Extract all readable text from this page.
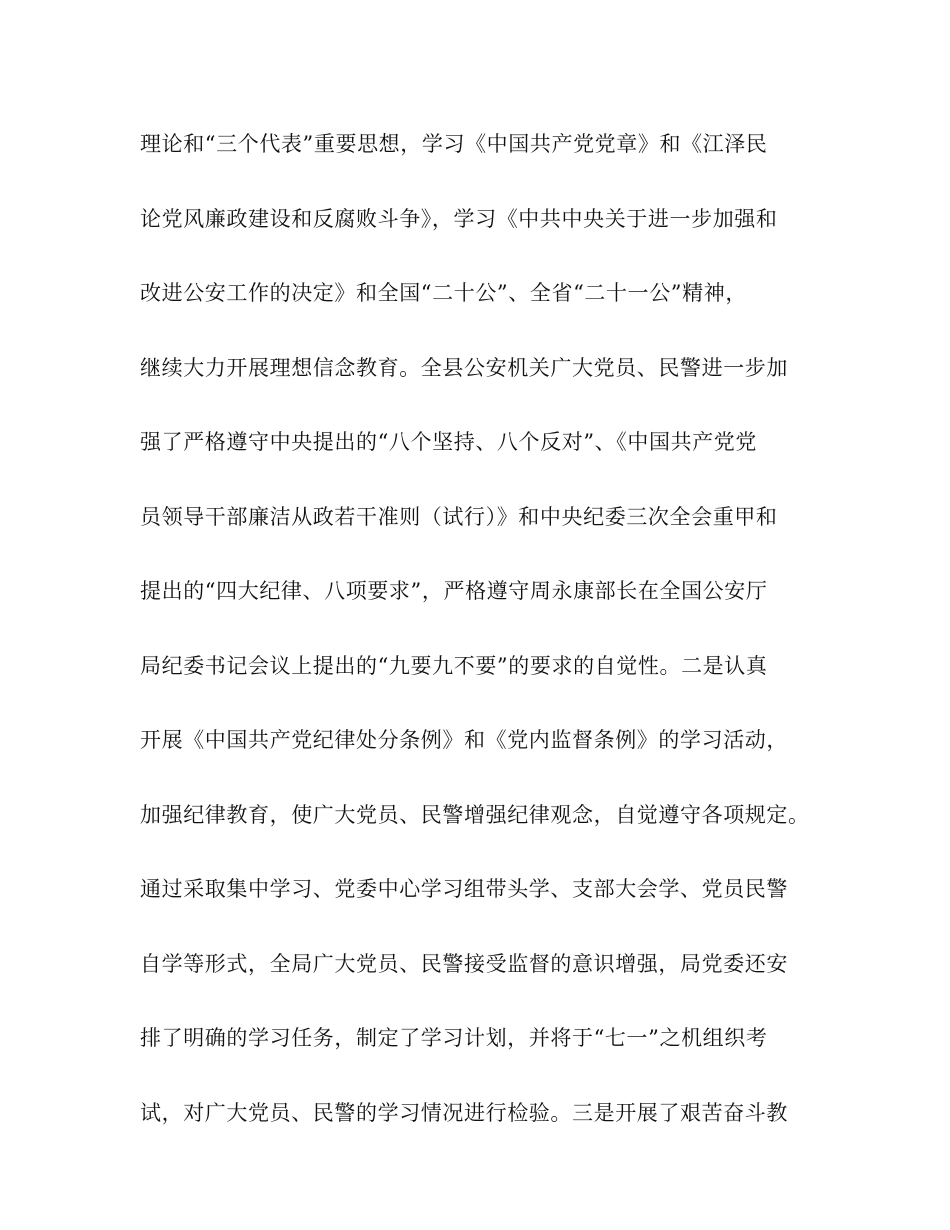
理论和“三个代表”重要思想，学习《中国共产党党章》和《江泽民
论党风廉政建设和反腐败斗争》，学习《中共中央关于进一步加强和
改进公安工作的决定》和全国“二十公”、全省“二十一公”精神，
继续大力开展理想信念教育。全县公安机关广大党员、民警进一步加
强了严格遵守中央提出的“八个坚持、八个反对”、《中国共产党党
员领导干部廉洁从政若干准则（试行）》和中央纪委三次全会重甲和
提出的“四大纪律、八项要求”，严格遵守周永康部长在全国公安厅
局纪委书记会议上提出的“九要九不要”的要求的自觉性。二是认真
开展《中国共产党纪律处分条例》和《党内监督条例》的学习活动，
加强纪律教育，使广大党员、民警增强纪律观念，自觉遵守各项规定。
通过采取集中学习、党委中心学习组带头学、支部大会学、党员民警
自学等形式，全局广大党员、民警接受监督的意识增强，局党委还安
排了明确的学习任务，制定了学习计划，并将于“七一”之机组织考
试，对广大党员、民警的学习情况进行检验。三是开展了艰苦奋斗教
